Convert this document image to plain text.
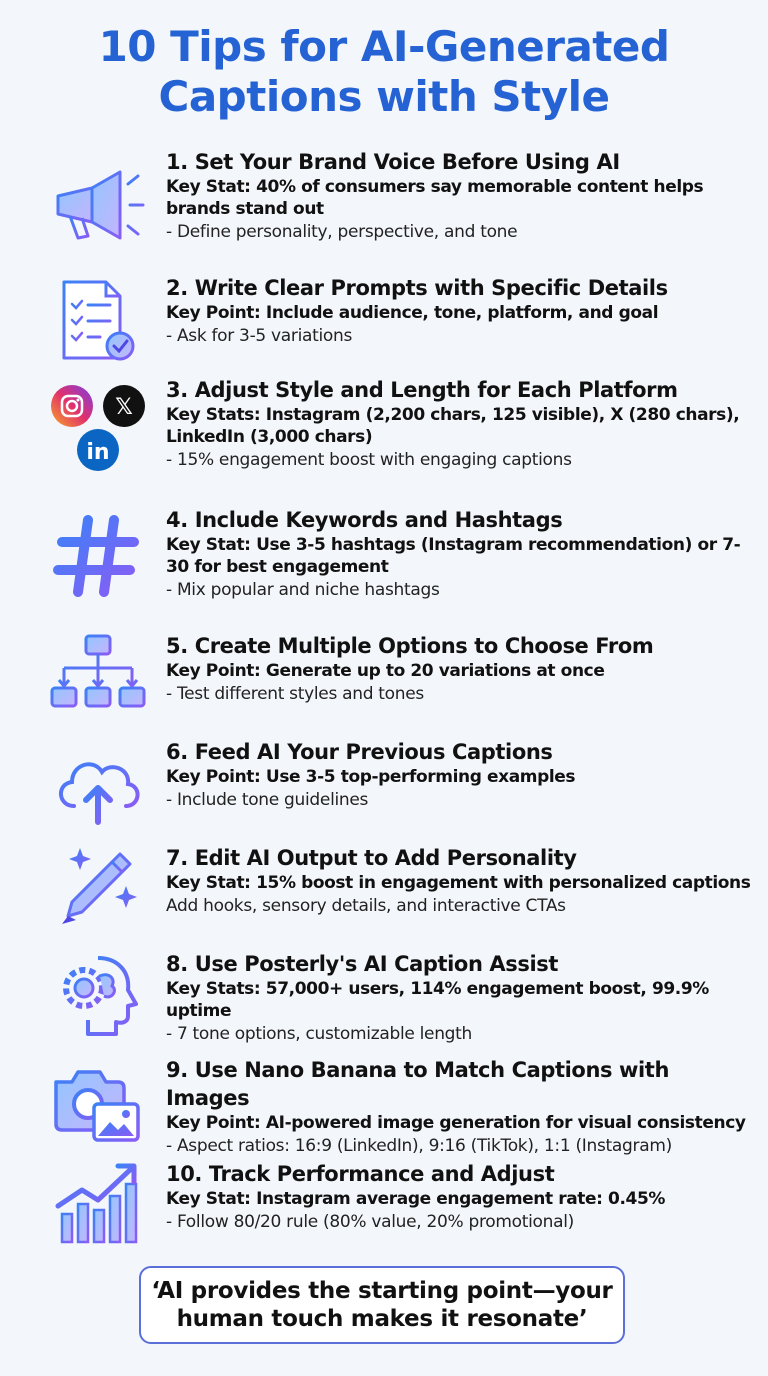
10 Tips for AI-Generated
Captions with Style
1. Set Your Brand Voice Before Using AI
Key Stat: 40% of consumers say memorable content helps brands stand out
- Define personality, perspective, and tone
2. Write Clear Prompts with Specific Details
Key Point: Include audience, tone, platform, and goal
- Ask for 3-5 variations
𝕏
in
3. Adjust Style and Length for Each Platform
Key Stats: Instagram (2,200 chars, 125 visible), X (280 chars), LinkedIn (3,000 chars)
- 15% engagement boost with engaging captions
4. Include Keywords and Hashtags
Key Stat: Use 3-5 hashtags (Instagram recommendation) or 7-30 for best engagement
- Mix popular and niche hashtags
5. Create Multiple Options to Choose From
Key Point: Generate up to 20 variations at once
- Test different styles and tones
6. Feed AI Your Previous Captions
Key Point: Use 3-5 top-performing examples
- Include tone guidelines
7. Edit AI Output to Add Personality
Key Stat: 15% boost in engagement with personalized captions
Add hooks, sensory details, and interactive CTAs
8. Use Posterly's AI Caption Assist
Key Stats: 57,000+ users, 114% engagement boost, 99.9% uptime
- 7 tone options, customizable length
9. Use Nano Banana to Match Captions with Images
Key Point: AI-powered image generation for visual consistency
- Aspect ratios: 16:9 (LinkedIn), 9:16 (TikTok), 1:1 (Instagram)
10. Track Performance and Adjust
Key Stat: Instagram average engagement rate: 0.45%
- Follow 80/20 rule (80% value, 20% promotional)
‘AI provides the starting point—your
human touch makes it resonate’
